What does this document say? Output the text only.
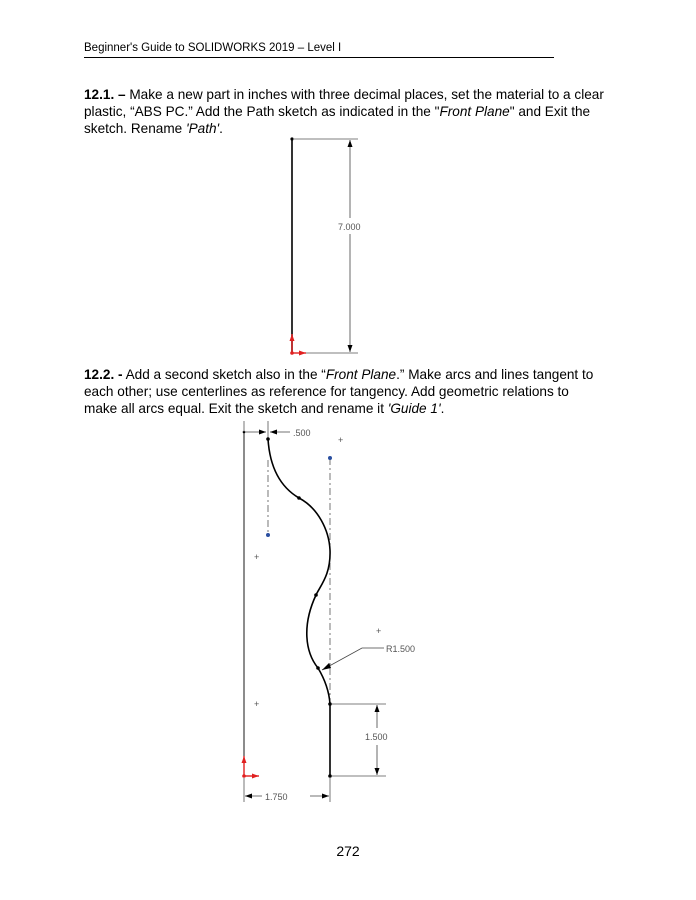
Beginner's Guide to SOLIDWORKS 2019 – Level I
12.1. – Make a new part in inches with three decimal places, set the material to a clear plastic, “ABS PC.” Add the Path sketch as indicated in the "Front Plane" and Exit the sketch. Rename 'Path'.
12.2. - Add a second sketch also in the “Front Plane.” Make arcs and lines tangent to each other; use centerlines as reference for tangency. Add geometric relations to make all arcs equal. Exit the sketch and rename it 'Guide 1'.
7.000
.500
+
+
+
+
R1.500
1.500
1.750
272
